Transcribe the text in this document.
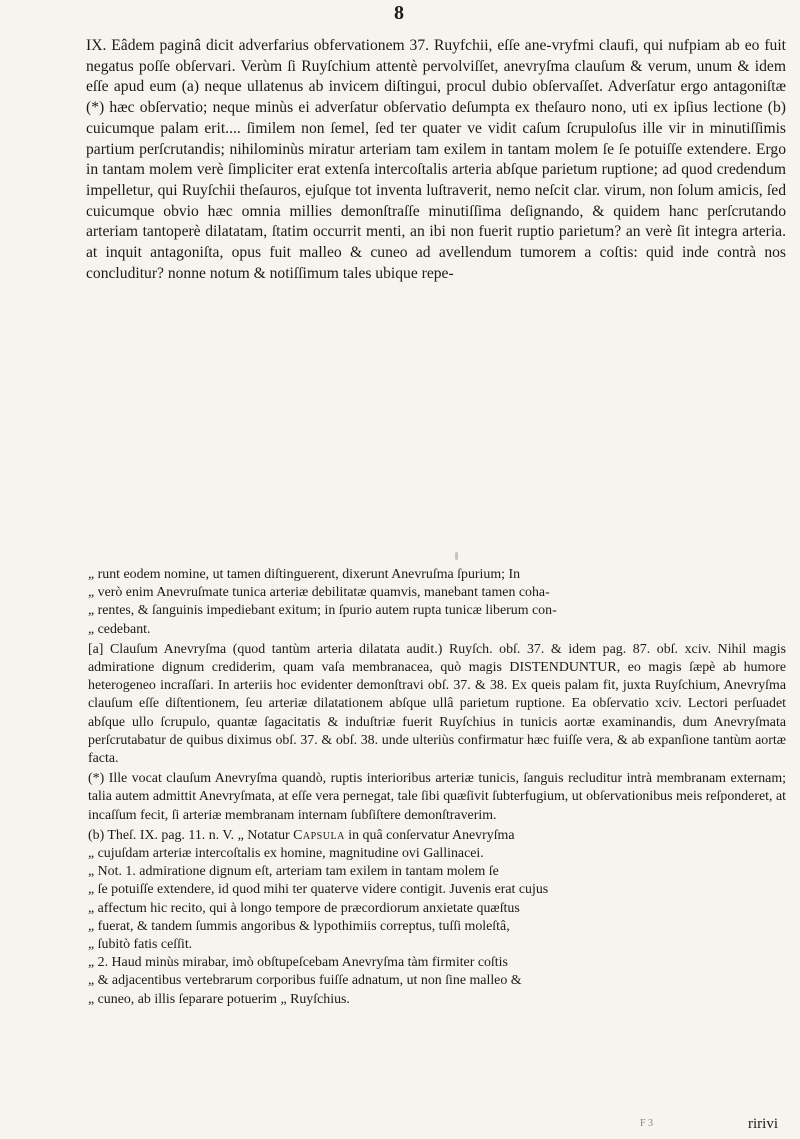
8

IX. Eâdem paginâ dicit adverfarius obfervationem 37. Ruyfchii, eſſe ane-vryfmi claufi, qui nufpiam ab eo fuit negatus poſſe obſervari. Verùm ſi Ruyſchium attentè pervolviſſet, anevryſma clauſum & verum, unum & idem eſſe apud eum (a) neque ullatenus ab invicem diſtingui, procul dubio obſervaſſet. Adverſatur ergo antagoniſtæ (*) hæc obſervatio; neque minùs ei adverſatur obſervatio deſumpta ex theſauro nono, uti ex ipſius lectione (b) cuicumque palam erit.... ſimilem non ſemel, ſed ter quater ve vidit caſum ſcrupuloſus ille vir in minutiſſimis partium perſcrutandis; nihilominùs miratur arteriam tam exilem in tantam molem ſe ſe potuiſſe extendere. Ergo in tantam molem verè ſimpliciter erat extenſa intercoſtalis arteria abſque parietum ruptione; ad quod credendum impelletur, qui Ruyſchii theſauros, ejuſque tot inventa luſtraverit, nemo neſcit clar. virum, non ſolum amicis, ſed cuicumque obvio hæc omnia millies demonſtraſſe minutiſſima deſignando, & quidem hanc perſcrutando arteriam tantoperè dilatatam, ſtatim occurrit menti, an ibi non fuerit ruptio parietum? an verè ſit integra arteria. at inquit antagoniſta, opus fuit malleo & cuneo ad avellendum tumorem a coſtis: quid inde contrà nos concluditur? nonne notum & notiſſimum tales ubique repe-

„ runt eodem nomine, ut tamen diſtinguerent, dixerunt Anevruſma ſpurium; In

„ verò enim Anevruſmate tunica arteriæ debilitatæ quamvis, manebant tamen coha-

„ rentes, & ſanguinis impediebant exitum; in ſpurio autem rupta tunicæ liberum con-

„ cedebant.

[a] Clauſum Anevryſma (quod tantùm arteria dilatata audit.) Ruyſch. obſ. 37. & idem pag. 87. obſ. xciv. Nihil magis admiratione dignum crediderim, quam vaſa membranacea, quò magis DISTENDUNTUR, eo magis ſæpè ab humore heterogeneo incraſſari. In arteriis hoc evidenter demonſtravi obſ. 37. & 38. Ex queis palam fit, juxta Ruyſchium, Anevryſma clauſum eſſe diſtentionem, ſeu arteriæ dilatationem abſque ullâ parietum ruptione. Ea obſervatio xciv. Lectori perſuadet abſque ullo ſcrupulo, quantæ ſagacitatis & induſtriæ fuerit Ruyſchius in tunicis aortæ examinandis, dum Anevryſmata perſcrutabatur de quibus diximus obſ. 37. & obſ. 38. unde ulteriùs confirmatur hæc fuiſſe vera, & ab expanſione tantùm aortæ facta.

(*) Ille vocat clauſum Anevryſma quandò, ruptis interioribus arteriæ tunicis, ſanguis recluditur intrà membranam externam; talia autem admittit Anevryſmata, at eſſe vera pernegat, tale ſibi quæſivit ſubterfugium, ut obſervationibus meis reſponderet, at incaſſum fecit, ſi arteriæ membranam internam ſubſiſtere demonſtraverim.

(b) Theſ. IX. pag. 11. n. V. „ Notatur Capsula in quâ conſervatur Anevryſma

„ cujuſdam arteriæ intercoſtalis ex homine, magnitudine ovi Gallinacei.

„ Not. 1. admiratione dignum eſt, arteriam tam exilem in tantam molem ſe

„ ſe potuiſſe extendere, id quod mihi ter quaterve videre contigit. Juvenis erat cujus

„ affectum hic recito, qui à longo tempore de præcordiorum anxietate quæſtus

„ fuerat, & tandem ſummis angoribus & lypothimiis correptus, tuſſi moleſtâ,

„ ſubitò fatis ceſſit.

„ 2. Haud minùs mirabar, imò obſtupeſcebam Anevryſma tàm firmiter coſtis

„ & adjacentibus vertebrarum corporibus fuiſſe adnatum, ut non ſine malleo &

„ cuneo, ab illis ſeparare potuerim „ Ruyſchius.

F 3	ririvi
